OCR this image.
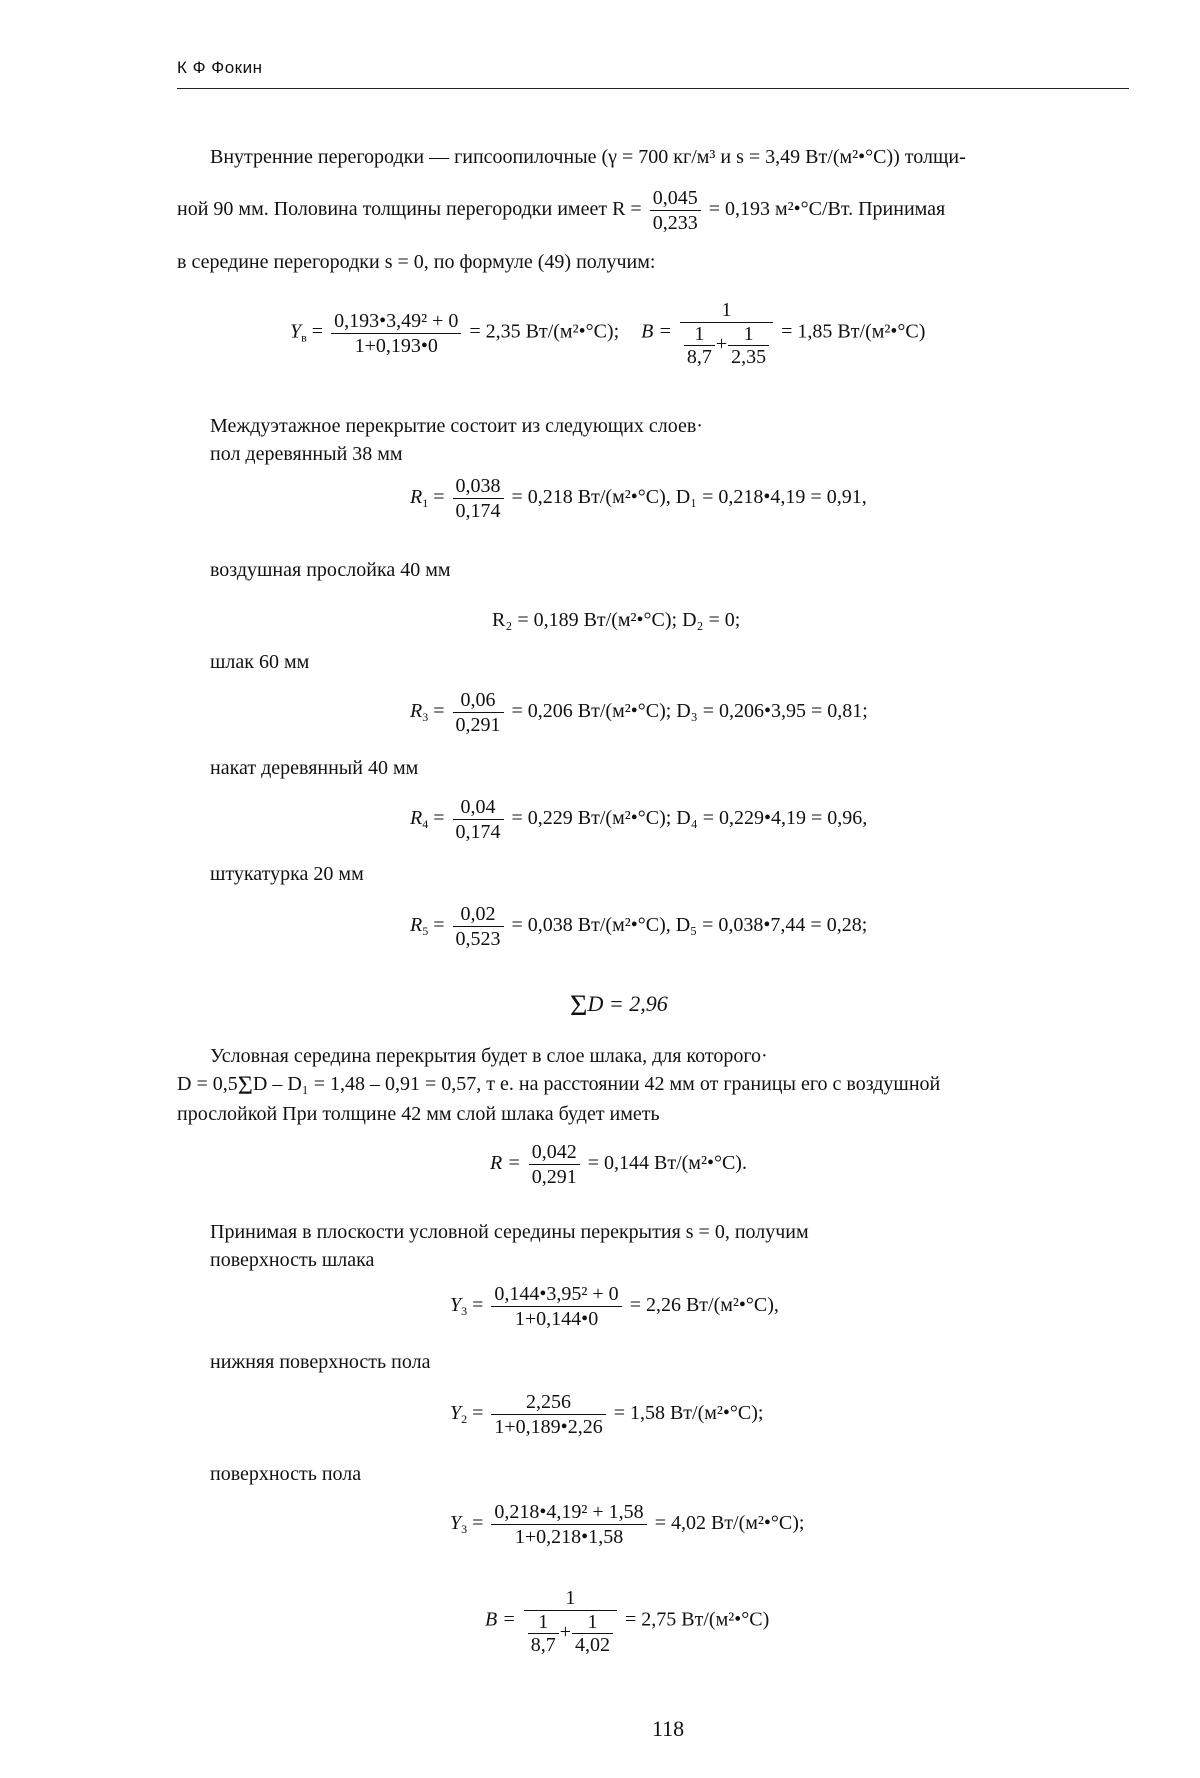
К Ф Фокин
Внутренние перегородки — гипсоопилочные (γ = 700 кг/м³ и s = 3,49 Вт/(м²•°С)) толщи-
ной 90 мм. Половина толщины перегородки имеет $R = \frac{0,045}{0,233} = 0,193$ м²•°С/Вт. Принимая
в середине перегородки s = 0, по формуле (49) получим:
$Y_в = \frac{\text{0,193•3,49² + 0}}{1+0,193•0} = 2,35$ Вт/(м²•°С); $B = \frac{1}{\frac{1}{8,7} + \frac{1}{2,35}} = 1,85$ Вт/(м²•°С)
Междуэтажное перекрытие состоит из следующих слоев·
пол деревянный 38 мм
$R_1 = \frac{0,038}{0,174} = 0,218$ Вт/(м²•°С), D₁ = 0,218•4,19 = 0,91,
воздушная прослойка 40 мм
R₂ = 0,189 Вт/(м²•°С); D₂ = 0;
шлак 60 мм
$R_3 = \frac{0,06}{0,291} = 0,206$ Вт/(м²•°С); D₃ = 0,206•3,95 = 0,81;
накат деревянный 40 мм
$R_4 = \frac{0,04}{0,174} = 0,229$ Вт/(м²•°С); D₄ = 0,229•4,19 = 0,96,
штукатурка 20 мм
$R_5 = \frac{0,02}{0,523} = 0,038$ Вт/(м²•°С), D₅ = 0,038•7,44 = 0,28;
ΣD = 2,96
Условная середина перекрытия будет в слое шлака, для которого·
D = 0,5ΣD – D₁ = 1,48 – 0,91 = 0,57, т е. на расстоянии 42 мм от границы его с воздушной
прослойкой При толщине 42 мм слой шлака будет иметь
$R = \frac{0,042}{0,291} = 0,144$ Вт/(м²•°С).
Принимая в плоскости условной середины перекрытия s = 0, получим
поверхность шлака
$Y_3 = \frac{\text{0,144•3,95² + 0}}{1+0,144•0} = 2,26$ Вт/(м²•°С),
нижняя поверхность пола
$Y_2 = \frac{2,256}{1+0,189•2,26} = 1,58$ Вт/(м²•°С);
поверхность пола
$Y_3 = \frac{\text{0,218•4,19² + 1,58}}{1+0,218•1,58} = 4,02$ Вт/(м²•°С);
$B = \frac{1}{\frac{1}{8,7} + \frac{1}{4,02}} = 2,75$ Вт/(м²•°С)
118
